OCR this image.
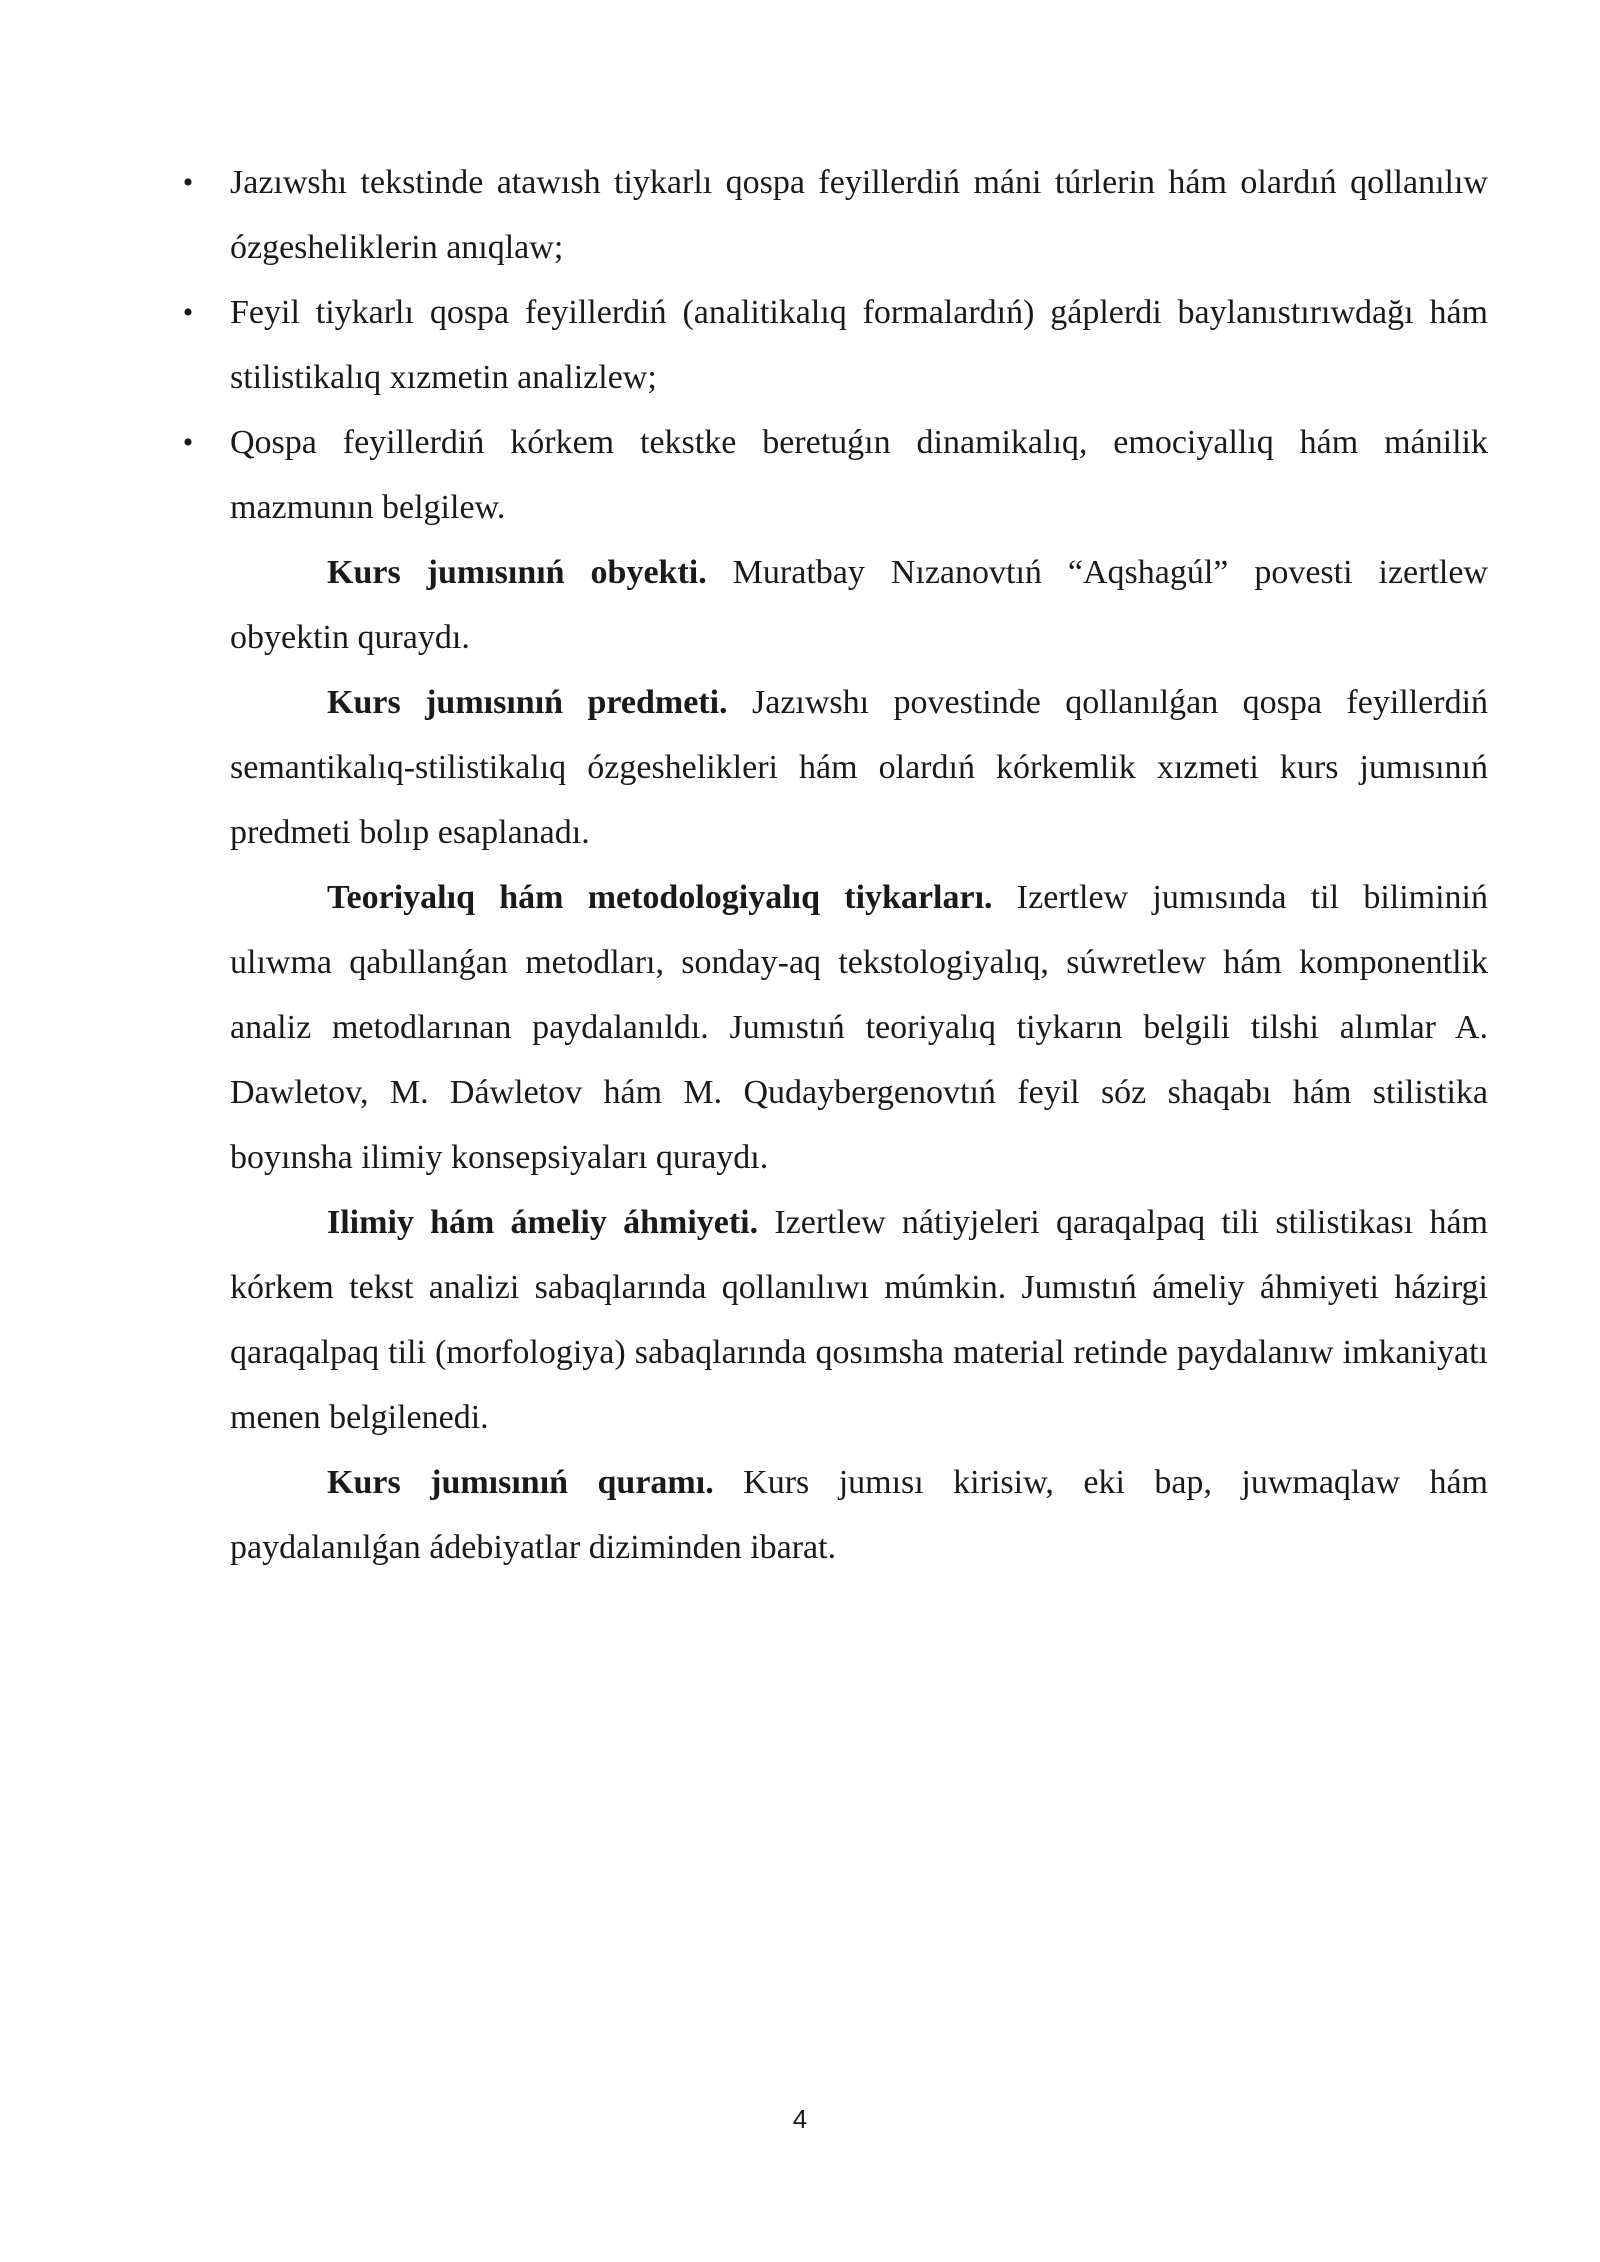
• Jazıwshı tekstinde atawısh tiykarlı qospa feyillerdiń máni túrlerin hám olardıń qollanılıw ózgesheliklerin anıqlaw;
• Feyil tiykarlı qospa feyillerdiń (analitikalıq formalardıń) gáplerdi baylanıstırıwdağı hám stilistikalıq xızmetin analizlew;
• Qospa feyillerdiń kórkem tekstke beretuǵın dinamikalıq, emociyallıq hám mánilik mazmunın belgilew.

Kurs jumısınıń obyekti. Muratbay Nızanovtıń “Aqshagúl” povesti izertlew obyektin quraydı.

Kurs jumısınıń predmeti. Jazıwshı povestinde qollanılǵan qospa feyillerdiń semantikalıq-stilistikalıq ózgeshelikleri hám olardıń kórkemlik xızmeti kurs jumısınıń predmeti bolıp esaplanadı.

Teoriyalıq hám metodologiyalıq tiykarları. Izertlew jumısında til biliminiń ulıwma qabıllanǵan metodları, sonday-aq tekstologiyalıq, súwretlew hám komponentlik analiz metodlarınan paydalanıldı. Jumıstıń teoriyalıq tiykarın belgili tilshi alımlar A. Dawletov, M. Dáwletov hám M. Qudaybergenovtıń feyil sóz shaqabı hám stilistika boyınsha ilimiy konsepsiyaları quraydı.

Ilimiy hám ámeliy áhmiyeti. Izertlew nátiyjeleri qaraqalpaq tili stilistikası hám kórkem tekst analizi sabaqlarında qollanılıwı múmkin. Jumıstıń ámeliy áhmiyeti házirgi qaraqalpaq tili (morfologiya) sabaqlarında qosımsha material retinde paydalanıw imkaniyatı menen belgilenedi.

Kurs jumısınıń quramı. Kurs jumısı kirisiw, eki bap, juwmaqlaw hám paydalanılǵan ádebiyatlar diziminden ibarat.

4
